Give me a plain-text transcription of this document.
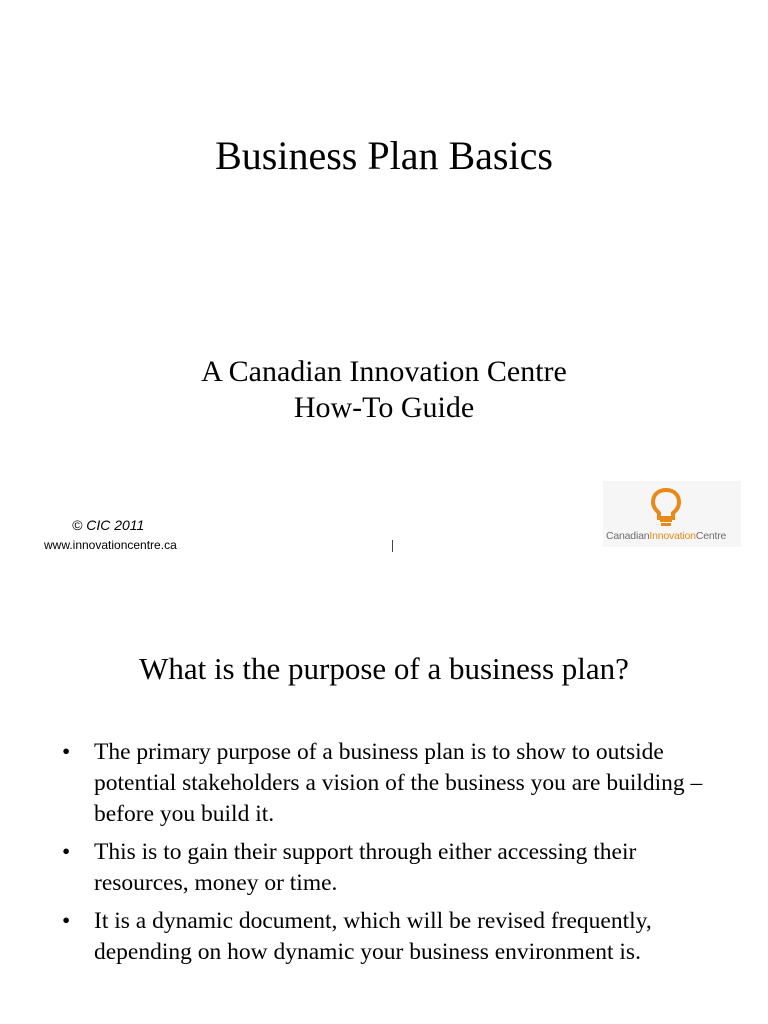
Business Plan Basics
A Canadian Innovation Centre
How-To Guide
© CIC 2011
www.innovationcentre.ca
CanadianInnovationCentre
What is the purpose of a business plan?
• The primary purpose of a business plan is to show to outside potential stakeholders a vision of the business you are building – before you build it.
• This is to gain their support through either accessing their resources, money or time.
• It is a dynamic document, which will be revised frequently, depending on how dynamic your business environment is.
